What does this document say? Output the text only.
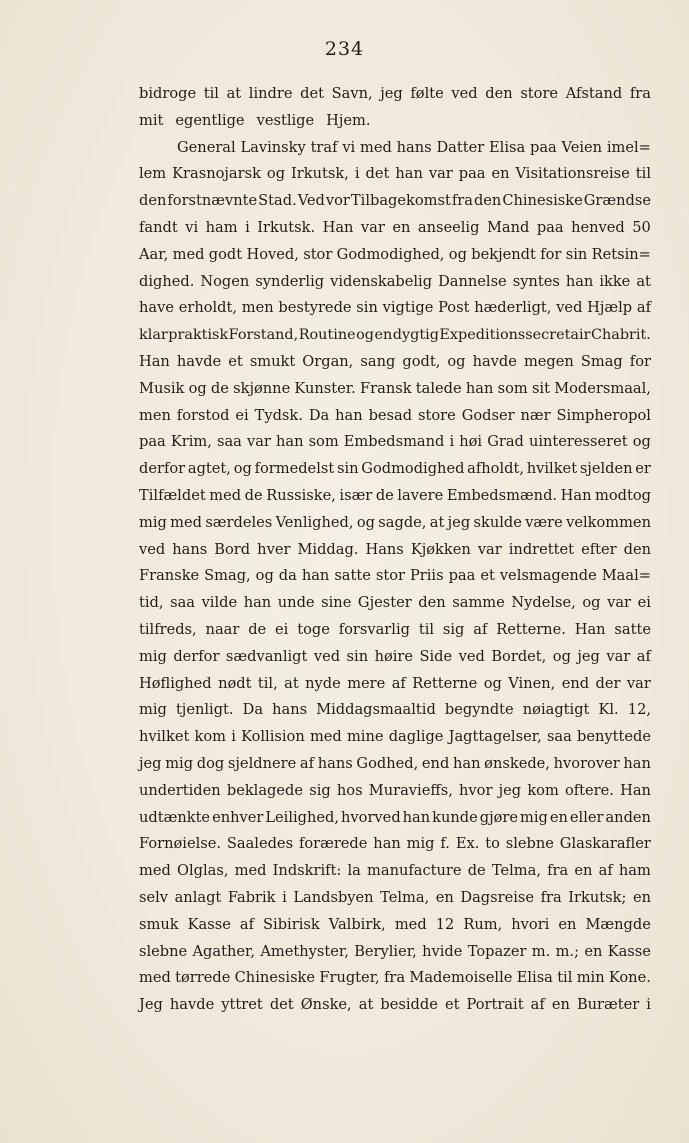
234
bidroge til at lindre det Savn, jeg følte ved den store Afstand fra
mit egentlige vestlige Hjem.
General Lavinsky traf vi med hans Datter Elisa paa Veien imel=
lem Krasnojarsk og Irkutsk, i det han var paa en Visitationsreise til
den forstnævnte Stad. Ved vor Tilbagekomst fra den Chinesiske Grændse
fandt vi ham i Irkutsk. Han var en anseelig Mand paa henved 50
Aar, med godt Hoved, stor Godmodighed, og bekjendt for sin Retsin=
dighed. Nogen synderlig videnskabelig Dannelse syntes han ikke at
have erholdt, men bestyrede sin vigtige Post hæderligt, ved Hjælp af
klar praktisk Forstand, Routine og en dygtig Expeditionssecretair Chabrit.
Han havde et smukt Organ, sang godt, og havde megen Smag for
Musik og de skjønne Kunster. Fransk talede han som sit Modersmaal,
men forstod ei Tydsk. Da han besad store Godser nær Simpheropol
paa Krim, saa var han som Embedsmand i høi Grad uinteresseret og
derfor agtet, og formedelst sin Godmodighed afholdt, hvilket sjelden er
Tilfældet med de Russiske, især de lavere Embedsmænd. Han modtog
mig med særdeles Venlighed, og sagde, at jeg skulde være velkommen
ved hans Bord hver Middag. Hans Kjøkken var indrettet efter den
Franske Smag, og da han satte stor Priis paa et velsmagende Maal=
tid, saa vilde han unde sine Gjester den samme Nydelse, og var ei
tilfreds, naar de ei toge forsvarlig til sig af Retterne. Han satte
mig derfor sædvanligt ved sin høire Side ved Bordet, og jeg var af
Høflighed nødt til, at nyde mere af Retterne og Vinen, end der var
mig tjenligt. Da hans Middagsmaaltid begyndte nøiagtigt Kl. 12,
hvilket kom i Kollision med mine daglige Jagttagelser, saa benyttede
jeg mig dog sjeldnere af hans Godhed, end han ønskede, hvorover han
undertiden beklagede sig hos Muravieffs, hvor jeg kom oftere. Han
udtænkte enhver Leilighed, hvorved han kunde gjøre mig en eller anden
Fornøielse. Saaledes forærede han mig f. Ex. to slebne Glaskarafler
med Olglas, med Indskrift: la manufacture de Telma, fra en af ham
selv anlagt Fabrik i Landsbyen Telma, en Dagsreise fra Irkutsk; en
smuk Kasse af Sibirisk Valbirk, med 12 Rum, hvori en Mængde
slebne Agather, Amethyster, Berylier, hvide Topazer m. m.; en Kasse
med tørrede Chinesiske Frugter, fra Mademoiselle Elisa til min Kone.
Jeg havde yttret det Ønske, at besidde et Portrait af en Buræter i
